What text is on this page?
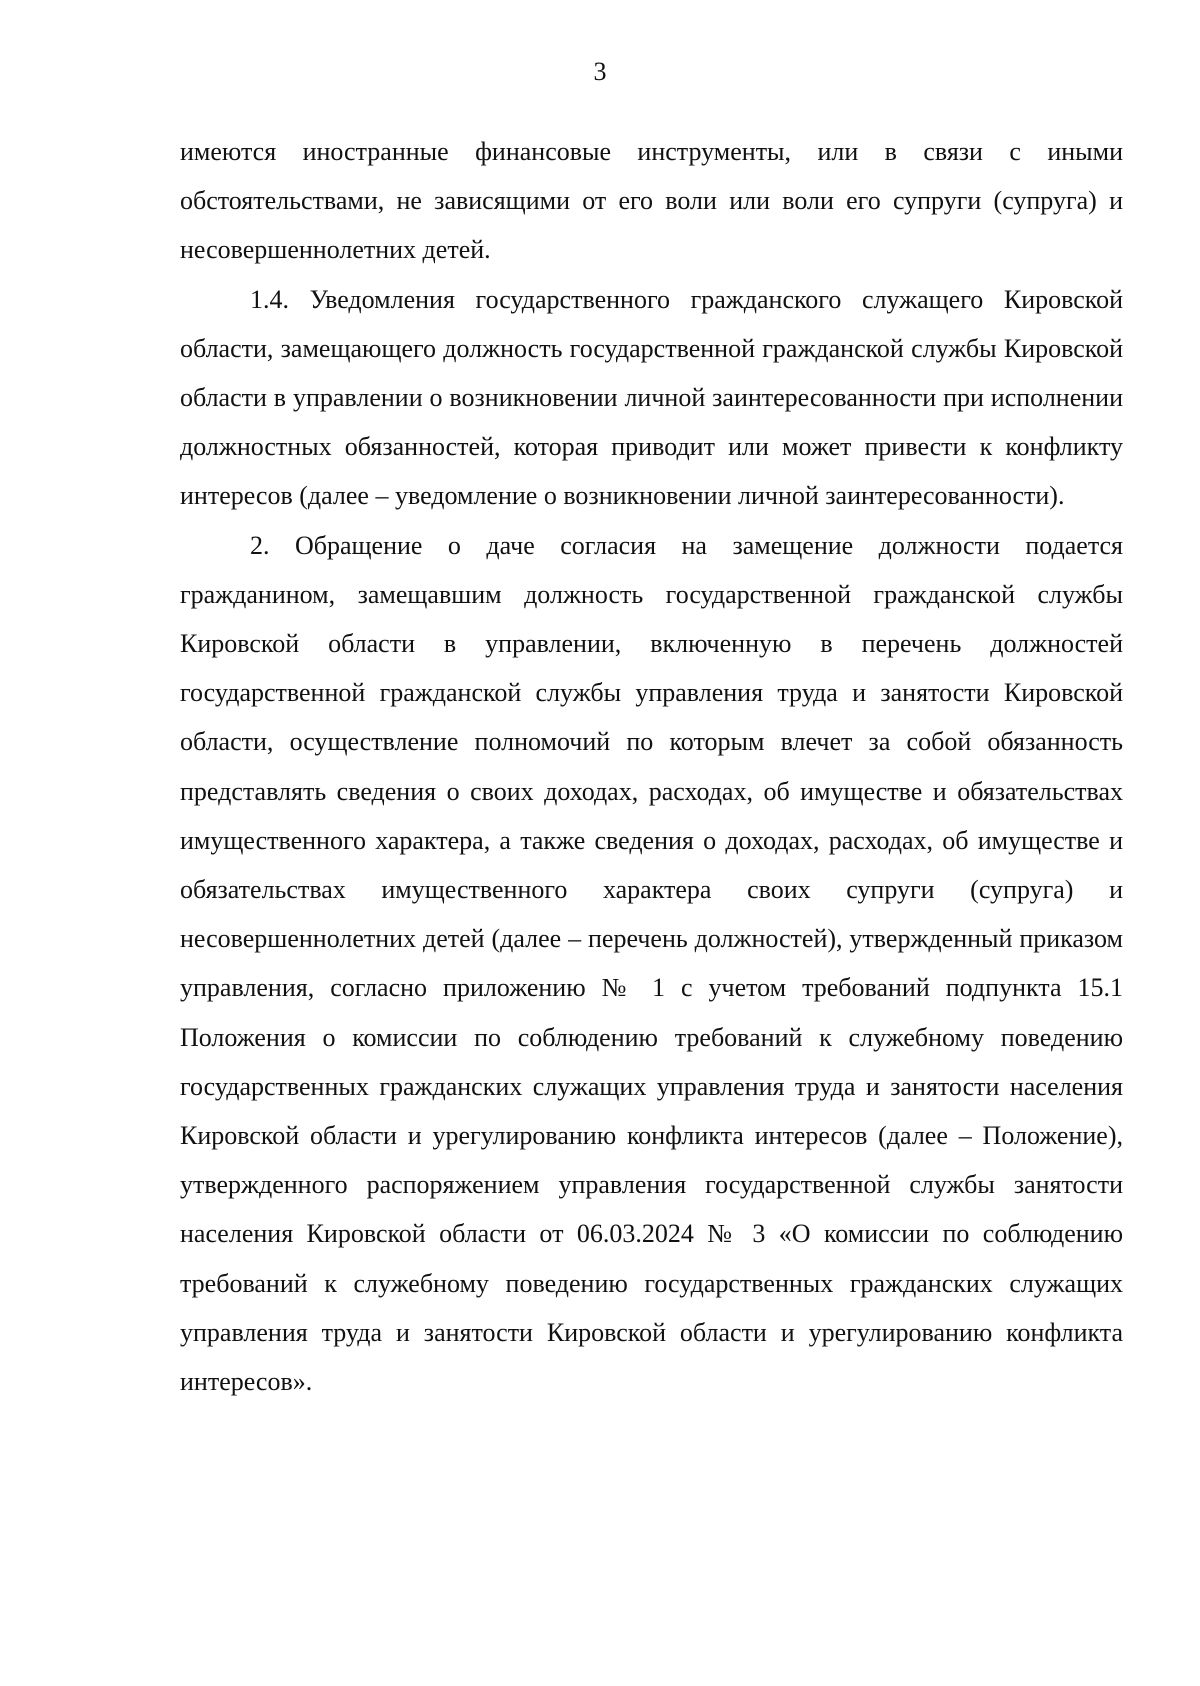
3

имеются иностранные финансовые инструменты, или в связи с иными обстоятельствами, не зависящими от его воли или воли его супруги (супруга) и несовершеннолетних детей.

1.4. Уведомления государственного гражданского служащего Кировской области, замещающего должность государственной гражданской службы Кировской области в управлении о возникновении личной заинтересованности при исполнении должностных обязанностей, которая приводит или может привести к конфликту интересов (далее – уведомление о возникновении личной заинтересованности).

2. Обращение о даче согласия на замещение должности подается гражданином, замещавшим должность государственной гражданской службы Кировской области в управлении, включенную в перечень должностей государственной гражданской службы управления труда и занятости Кировской области, осуществление полномочий по которым влечет за собой обязанность представлять сведения о своих доходах, расходах, об имуществе и обязательствах имущественного характера, а также сведения о доходах, расходах, об имуществе и обязательствах имущественного характера своих супруги (супруга) и несовершеннолетних детей (далее – перечень должностей), утвержденный приказом управления, согласно приложению № 1 с учетом требований подпункта 15.1 Положения о комиссии по соблюдению требований к служебному поведению государственных гражданских служащих управления труда и занятости населения Кировской области и урегулированию конфликта интересов (далее – Положение), утвержденного распоряжением управления государственной службы занятости населения Кировской области от 06.03.2024 № 3 «О комиссии по соблюдению требований к служебному поведению государственных гражданских служащих управления труда и занятости Кировской области и урегулированию конфликта интересов».
